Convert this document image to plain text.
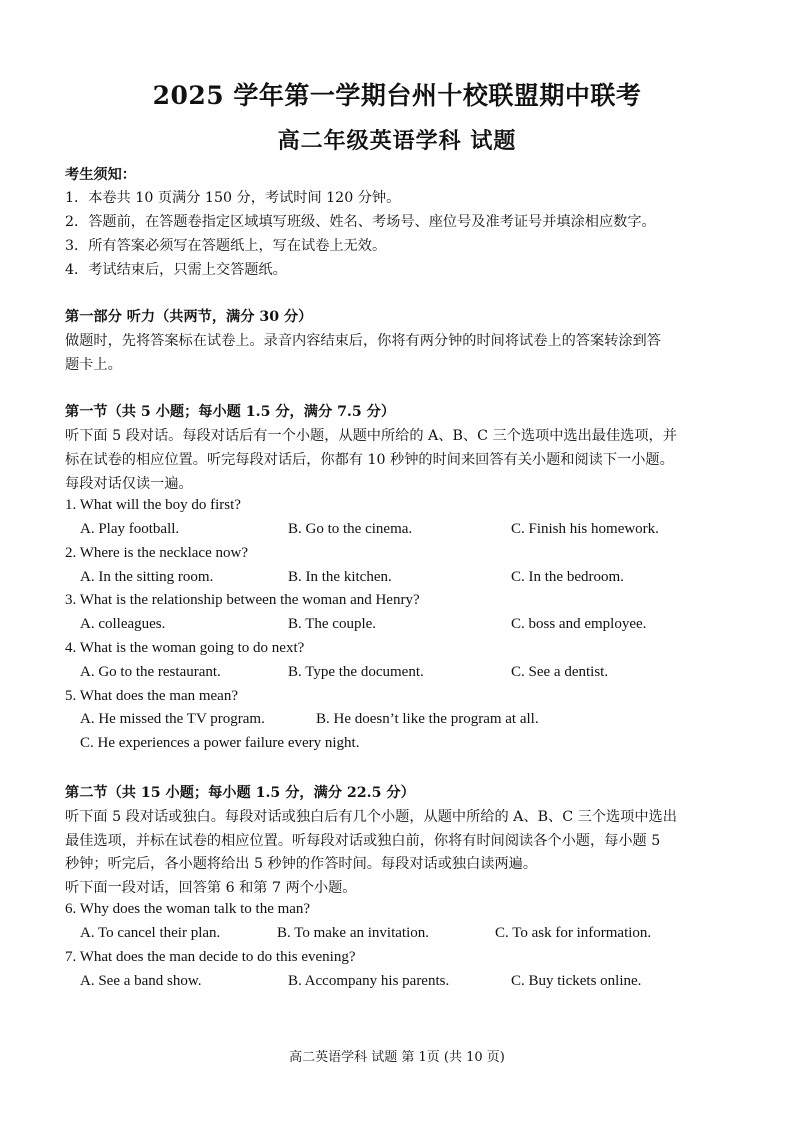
2025 学年第一学期台州十校联盟期中联考
高二年级英语学科 试题
考生须知：
1．本卷共 10 页满分 150 分，考试时间 120 分钟。
2．答题前，在答题卷指定区域填写班级、姓名、考场号、座位号及准考证号并填涂相应数字。
3．所有答案必须写在答题纸上，写在试卷上无效。
4．考试结束后，只需上交答题纸。
第一部分 听力（共两节，满分 30 分）
做题时，先将答案标在试卷上。录音内容结束后，你将有两分钟的时间将试卷上的答案转涂到答
题卡上。
第一节（共 5 小题；每小题 1.5 分，满分 7.5 分）
听下面 5 段对话。每段对话后有一个小题，从题中所给的 A、B、C 三个选项中选出最佳选项，并
标在试卷的相应位置。听完每段对话后，你都有 10 秒钟的时间来回答有关小题和阅读下一小题。
每段对话仅读一遍。
1. What will the boy do first?
A. Play football.	B. Go to the cinema.	C. Finish his homework.
2. Where is the necklace now?
A. In the sitting room.	B. In the kitchen.	C. In the bedroom.
3. What is the relationship between the woman and Henry?
A. colleagues.	B. The couple.	C. boss and employee.
4. What is the woman going to do next?
A. Go to the restaurant.	B. Type the document.	C. See a dentist.
5. What does the man mean?
A. He missed the TV program.	B. He doesn’t like the program at all.
C. He experiences a power failure every night.
第二节（共 15 小题；每小题 1.5 分，满分 22.5 分）
听下面 5 段对话或独白。每段对话或独白后有几个小题，从题中所给的 A、B、C 三个选项中选出
最佳选项，并标在试卷的相应位置。听每段对话或独白前，你将有时间阅读各个小题，每小题 5
秒钟；听完后，各小题将给出 5 秒钟的作答时间。每段对话或独白读两遍。
听下面一段对话，回答第 6 和第 7 两个小题。
6. Why does the woman talk to the man?
A. To cancel their plan.	B. To make an invitation.	C. To ask for information.
7. What does the man decide to do this evening?
A. See a band show.	B. Accompany his parents.	C. Buy tickets online.
高二英语学科 试题 第 1页 (共 10 页)
